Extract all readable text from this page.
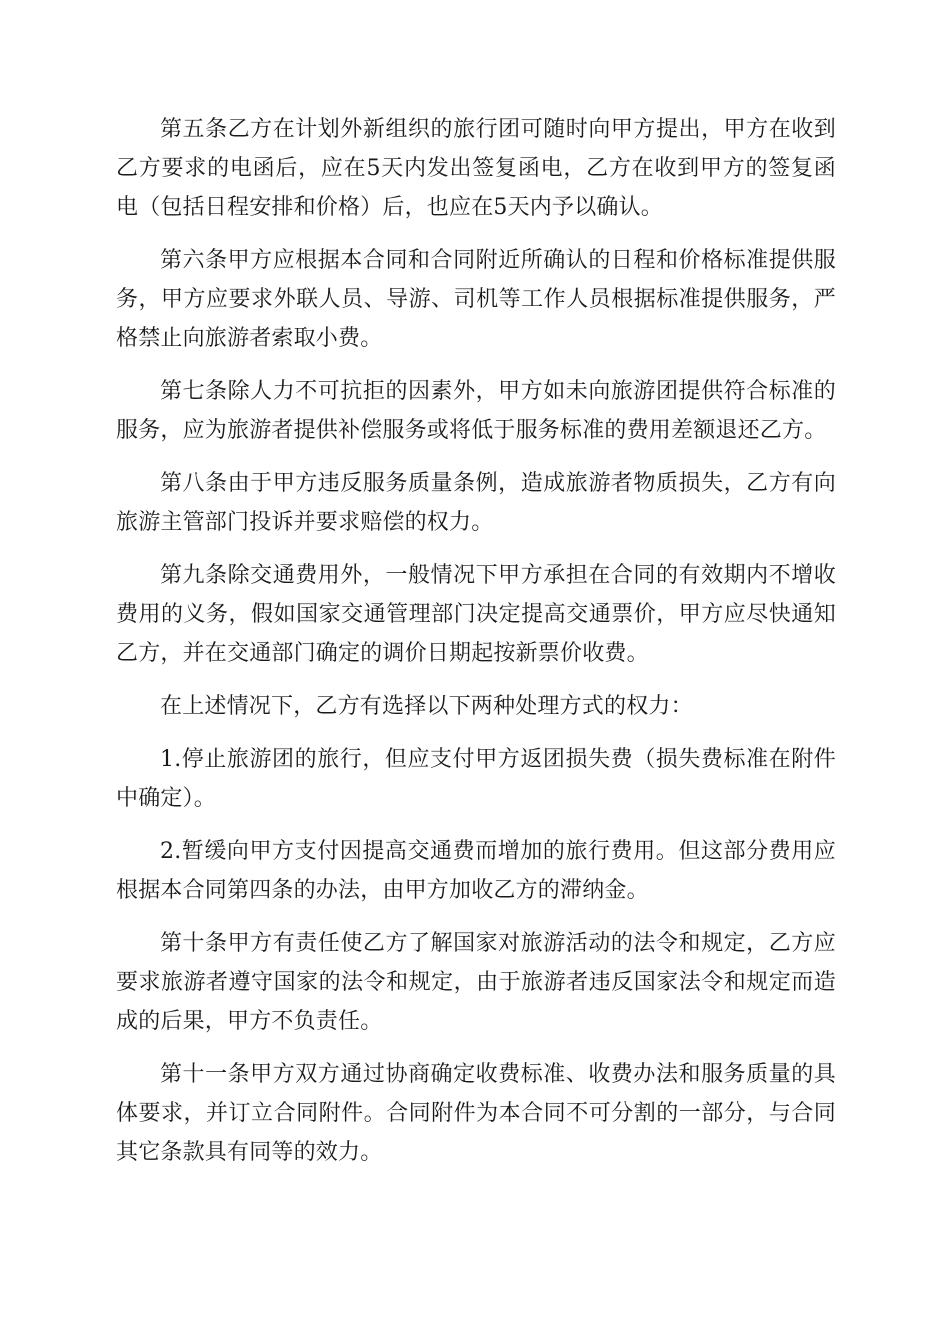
第五条乙方在计划外新组织的旅行团可随时向甲方提出，甲方在收到乙方要求的电函后，应在5天内发出签复函电，乙方在收到甲方的签复函电（包括日程安排和价格）后，也应在5天内予以确认。

第六条甲方应根据本合同和合同附近所确认的日程和价格标准提供服务，甲方应要求外联人员、导游、司机等工作人员根据标准提供服务，严格禁止向旅游者索取小费。

第七条除人力不可抗拒的因素外，甲方如未向旅游团提供符合标准的服务，应为旅游者提供补偿服务或将低于服务标准的费用差额退还乙方。

第八条由于甲方违反服务质量条例，造成旅游者物质损失，乙方有向旅游主管部门投诉并要求赔偿的权力。

第九条除交通费用外，一般情况下甲方承担在合同的有效期内不增收费用的义务，假如国家交通管理部门决定提高交通票价，甲方应尽快通知乙方，并在交通部门确定的调价日期起按新票价收费。

在上述情况下，乙方有选择以下两种处理方式的权力：

1.停止旅游团的旅行，但应支付甲方返团损失费（损失费标准在附件中确定）。

2.暂缓向甲方支付因提高交通费而增加的旅行费用。但这部分费用应根据本合同第四条的办法，由甲方加收乙方的滞纳金。

第十条甲方有责任使乙方了解国家对旅游活动的法令和规定，乙方应要求旅游者遵守国家的法令和规定，由于旅游者违反国家法令和规定而造成的后果，甲方不负责任。

第十一条甲方双方通过协商确定收费标准、收费办法和服务质量的具体要求，并订立合同附件。合同附件为本合同不可分割的一部分，与合同其它条款具有同等的效力。
